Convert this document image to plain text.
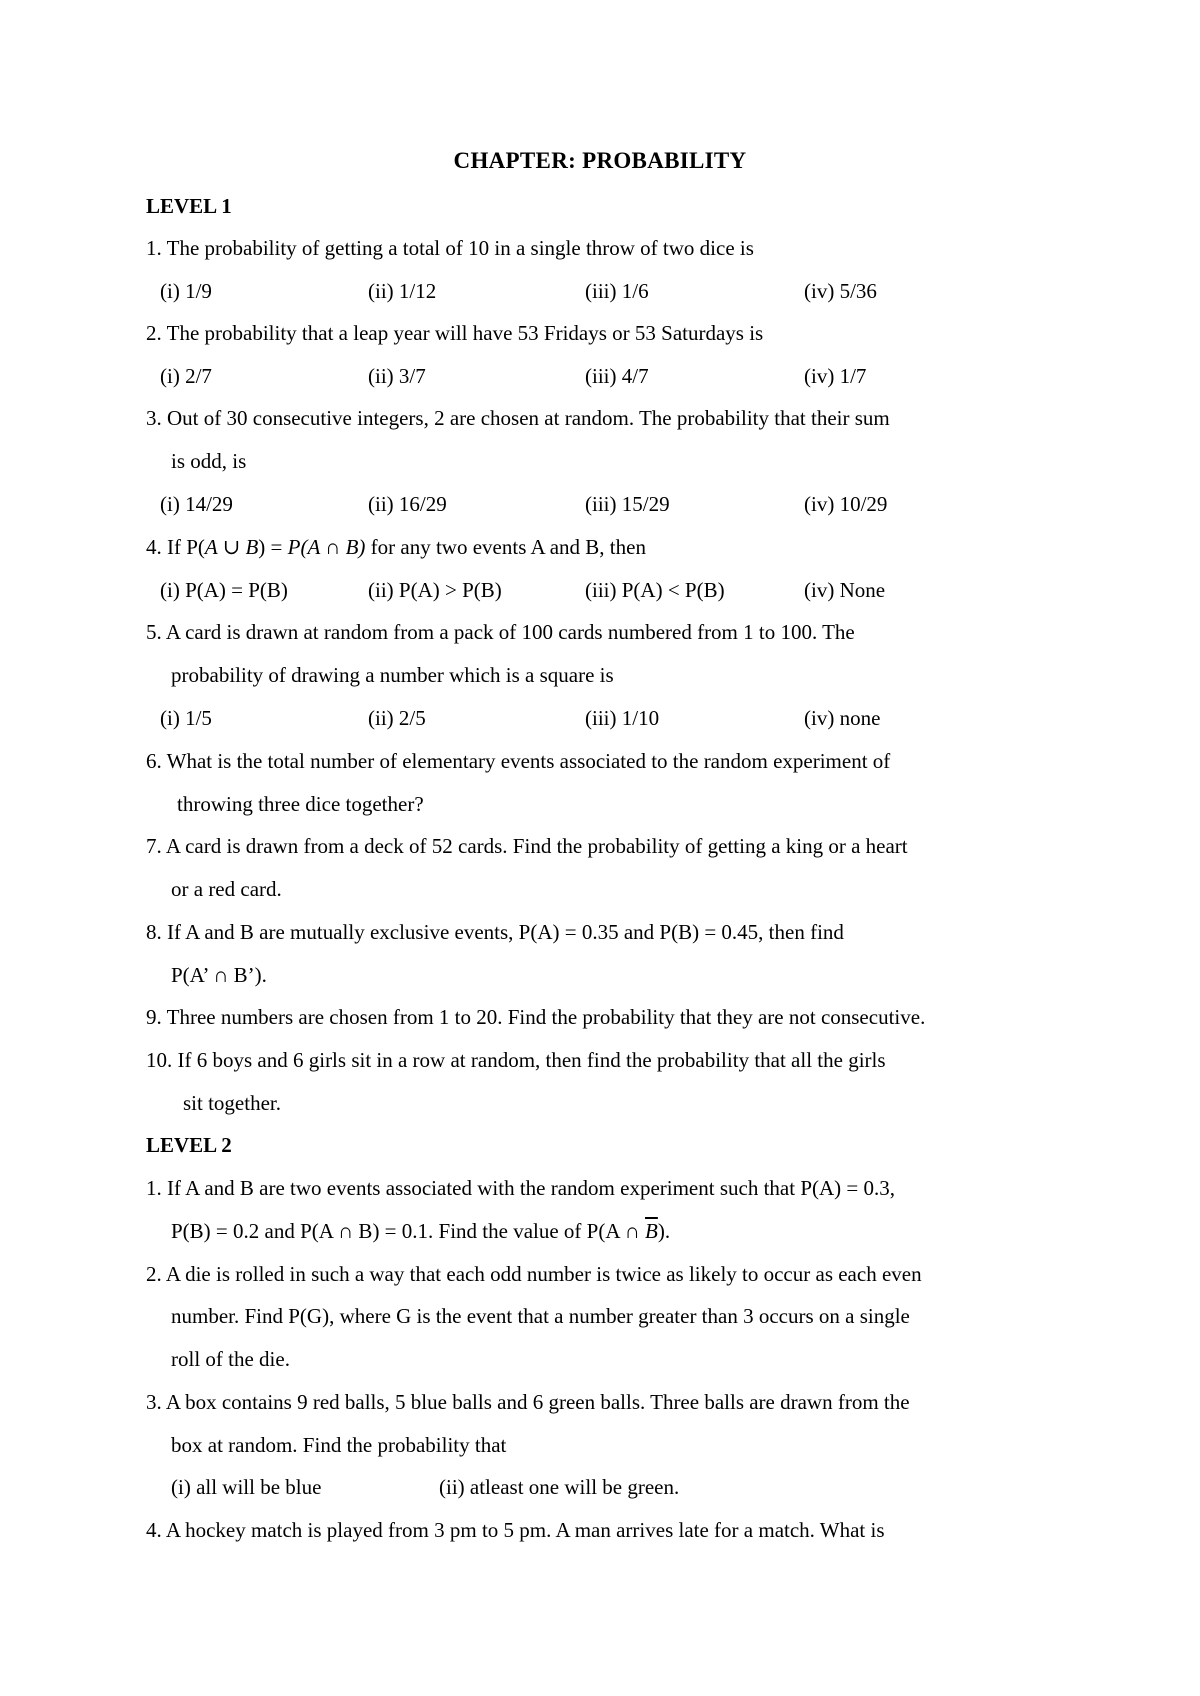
CHAPTER: PROBABILITY
LEVEL 1
1. The probability of getting a total of 10 in a single throw of two dice is
(i) 1/9	(ii) 1/12	(iii) 1/6	(iv) 5/36
2. The probability that a leap year will have 53 Fridays or 53 Saturdays is
(i) 2/7	(ii) 3/7	(iii) 4/7	(iv) 1/7
3. Out of 30 consecutive integers, 2 are chosen at random. The probability that their sum
is odd, is
(i) 14/29	(ii) 16/29	(iii) 15/29	(iv) 10/29
4. If P(A ∪ B) = P(A ∩ B) for any two events A and B, then
(i) P(A) = P(B)	(ii) P(A) > P(B)	(iii) P(A) < P(B)	(iv) None
5. A card is drawn at random from a pack of 100 cards numbered from 1 to 100. The
probability of drawing a number which is a square is
(i) 1/5	(ii) 2/5	(iii) 1/10	(iv) none
6. What is the total number of elementary events associated to the random experiment of
throwing three dice together?
7. A card is drawn from a deck of 52 cards. Find the probability of getting a king or a heart
or a red card.
8. If A and B are mutually exclusive events, P(A) = 0.35 and P(B) = 0.45, then find
P(A’ ∩ B’).
9. Three numbers are chosen from 1 to 20. Find the probability that they are not consecutive.
10. If 6 boys and 6 girls sit in a row at random, then find the probability that all the girls
sit together.
LEVEL 2
1. If A and B are two events associated with the random experiment such that P(A) = 0.3,
P(B) = 0.2 and P(A ∩ B) = 0.1. Find the value of P(A ∩ $\overline{B}$).
2. A die is rolled in such a way that each odd number is twice as likely to occur as each even
number. Find P(G), where G is the event that a number greater than 3 occurs on a single
roll of the die.
3. A box contains 9 red balls, 5 blue balls and 6 green balls. Three balls are drawn from the
box at random. Find the probability that
(i) all will be blue	(ii) atleast one will be green.
4. A hockey match is played from 3 pm to 5 pm. A man arrives late for a match. What is
